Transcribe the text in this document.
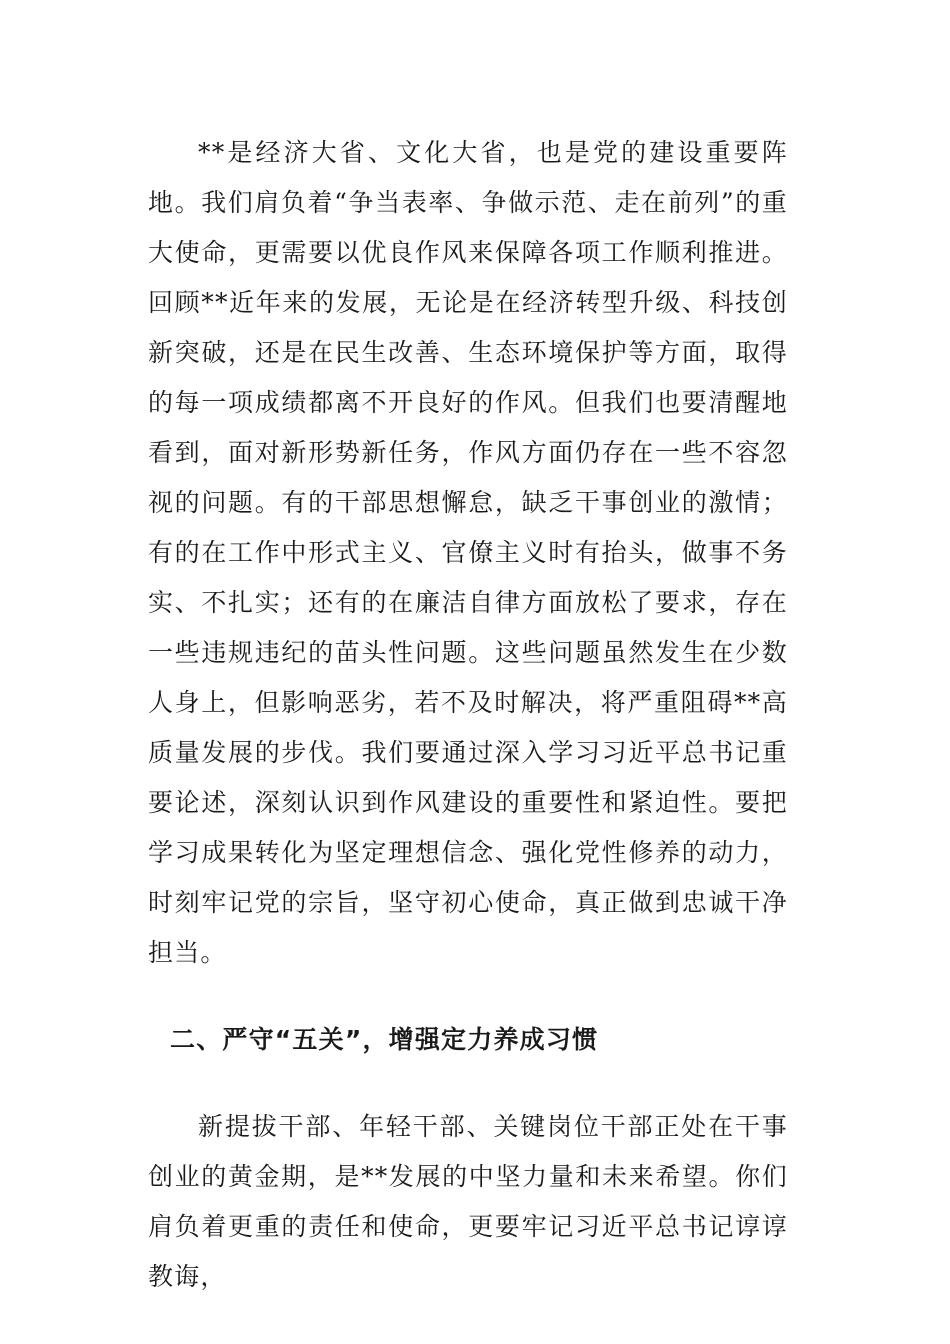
**是经济大省、文化大省，也是党的建设重要阵地。我们肩负着“争当表率、争做示范、走在前列”的重大使命，更需要以优良作风来保障各项工作顺利推进。回顾**近年来的发展，无论是在经济转型升级、科技创新突破，还是在民生改善、生态环境保护等方面，取得的每一项成绩都离不开良好的作风。但我们也要清醒地看到，面对新形势新任务，作风方面仍存在一些不容忽视的问题。有的干部思想懈怠，缺乏干事创业的激情；有的在工作中形式主义、官僚主义时有抬头，做事不务实、不扎实；还有的在廉洁自律方面放松了要求，存在一些违规违纪的苗头性问题。这些问题虽然发生在少数人身上，但影响恶劣，若不及时解决，将严重阻碍**高质量发展的步伐。我们要通过深入学习习近平总书记重要论述，深刻认识到作风建设的重要性和紧迫性。要把学习成果转化为坚定理想信念、强化党性修养的动力，时刻牢记党的宗旨，坚守初心使命，真正做到忠诚干净担当。

二、严守“五关”，增强定力养成习惯

新提拔干部、年轻干部、关键岗位干部正处在干事创业的黄金期，是**发展的中坚力量和未来希望。你们肩负着更重的责任和使命，更要牢记习近平总书记谆谆教诲，
